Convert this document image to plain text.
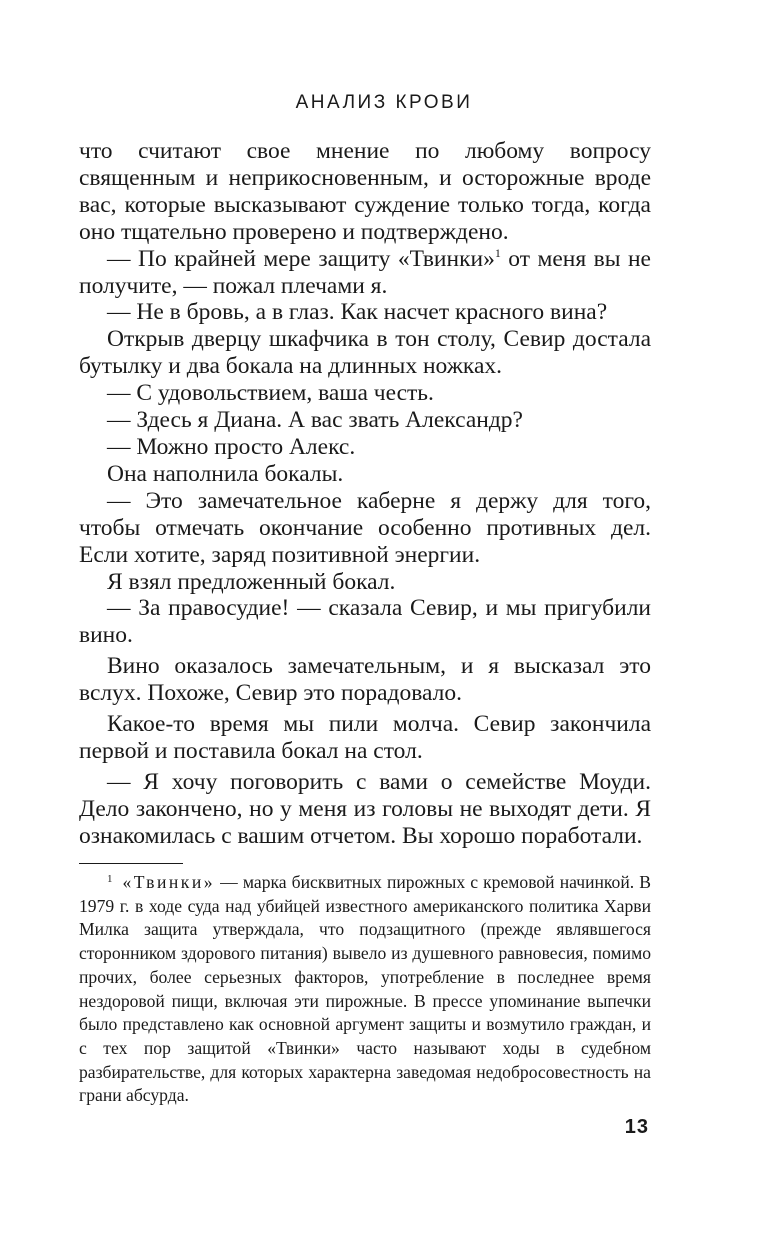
АНАЛИЗ КРОВИ

что считают свое мнение по любому вопросу священным и неприкосновенным, и осторожные вроде вас, которые высказывают суждение только тогда, когда оно тщательно проверено и подтверждено.

— По крайней мере защиту «Твинки»$^1$ от меня вы не получите, — пожал плечами я.

— Не в бровь, а в глаз. Как насчет красного вина?

Открыв дверцу шкафчика в тон столу, Севир достала бутылку и два бокала на длинных ножках.

— С удовольствием, ваша честь.

— Здесь я Диана. А вас звать Александр?

— Можно просто Алекс.

Она наполнила бокалы.

— Это замечательное каберне я держу для того, чтобы отмечать окончание особенно противных дел. Если хотите, заряд позитивной энергии.

Я взял предложенный бокал.

— За правосудие! — сказала Севир, и мы пригубили вино.

Вино оказалось замечательным, и я высказал это вслух. Похоже, Севир это порадовало.

Какое-то время мы пили молча. Севир закончила первой и поставила бокал на стол.

— Я хочу поговорить с вами о семействе Моуди. Дело закончено, но у меня из головы не выходят дети. Я ознакомилась с вашим отчетом. Вы хорошо поработали.

$^1$ «Твинки» — марка бисквитных пирожных с кремовой начинкой. В 1979 г. в ходе суда над убийцей известного американского политика Харви Милка защита утверждала, что подзащитного (прежде являвшегося сторонником здорового питания) вывело из душевного равновесия, помимо прочих, более серьезных факторов, употребление в последнее время нездоровой пищи, включая эти пирожные. В прессе упоминание выпечки было представлено как основной аргумент защиты и возмутило граждан, и с тех пор защитой «Твинки» часто называют ходы в судебном разбирательстве, для которых характерна заведомая недобросовестность на грани абсурда.
13
